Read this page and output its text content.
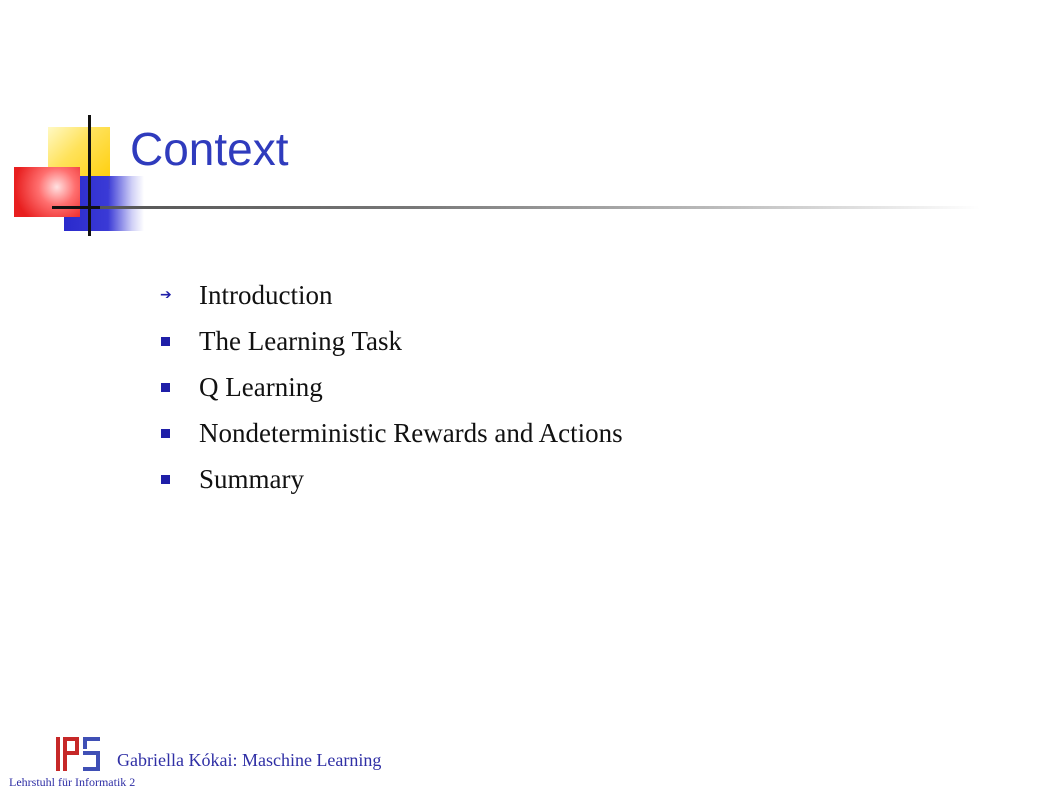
Context
➔	Introduction
The Learning Task
Q Learning
Nondeterministic Rewards and Actions
Summary
Gabriella Kókai: Maschine Learning
Lehrstuhl für Informatik 2
